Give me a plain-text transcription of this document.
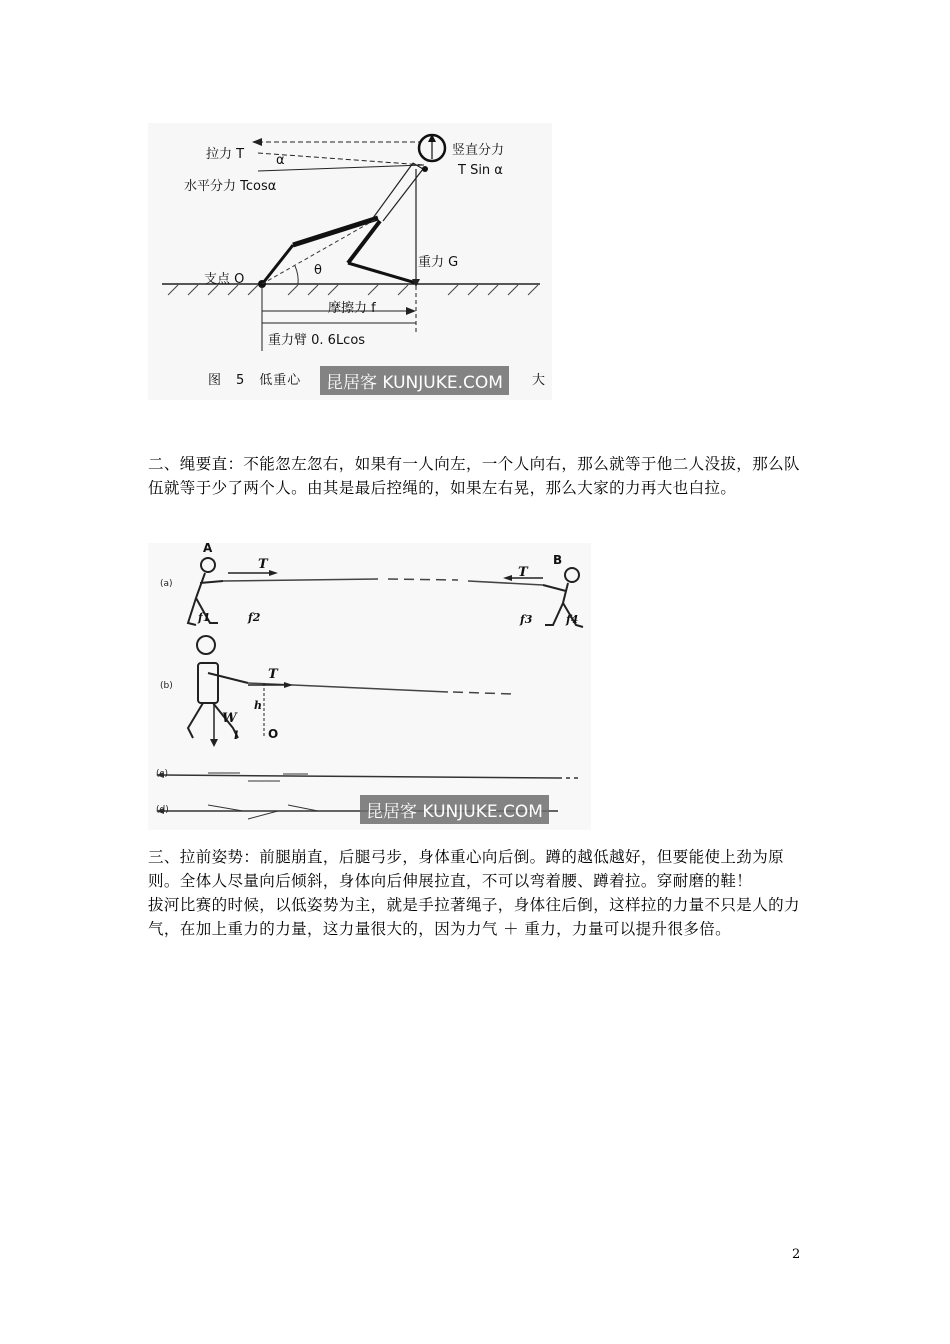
拉力 T α
水平分力 Tcosα
竖直分力
T Sin α
重力 G
支点 O
θ
摩擦力 f
重力臂 0. 6Lcos
图　5　低重心	大
昆居客 KUNJUKE.COM

二、绳要直：不能忽左忽右，如果有一人向左，一个人向右，那么就等于他二人没拔，那么队伍就等于少了两个人。由其是最后控绳的，如果左右晃，那么大家的力再大也白拉。

A
B
T
T
T
(a)
(b)
(c)
(d)
f1	f2	f3	f4
W
h
l O
昆居客 KUNJUKE.COM

三、拉前姿势：前腿崩直，后腿弓步，身体重心向后倒。蹲的越低越好，但要能使上劲为原则。全体人尽量向后倾斜，身体向后伸展拉直，不可以弯着腰、蹲着拉。穿耐磨的鞋！

拔河比赛的时候，以低姿势为主，就是手拉著绳子，身体往后倒，这样拉的力量不只是人的力气，在加上重力的力量，这力量很大的，因为力气 ＋ 重力，力量可以提升很多倍。

2
